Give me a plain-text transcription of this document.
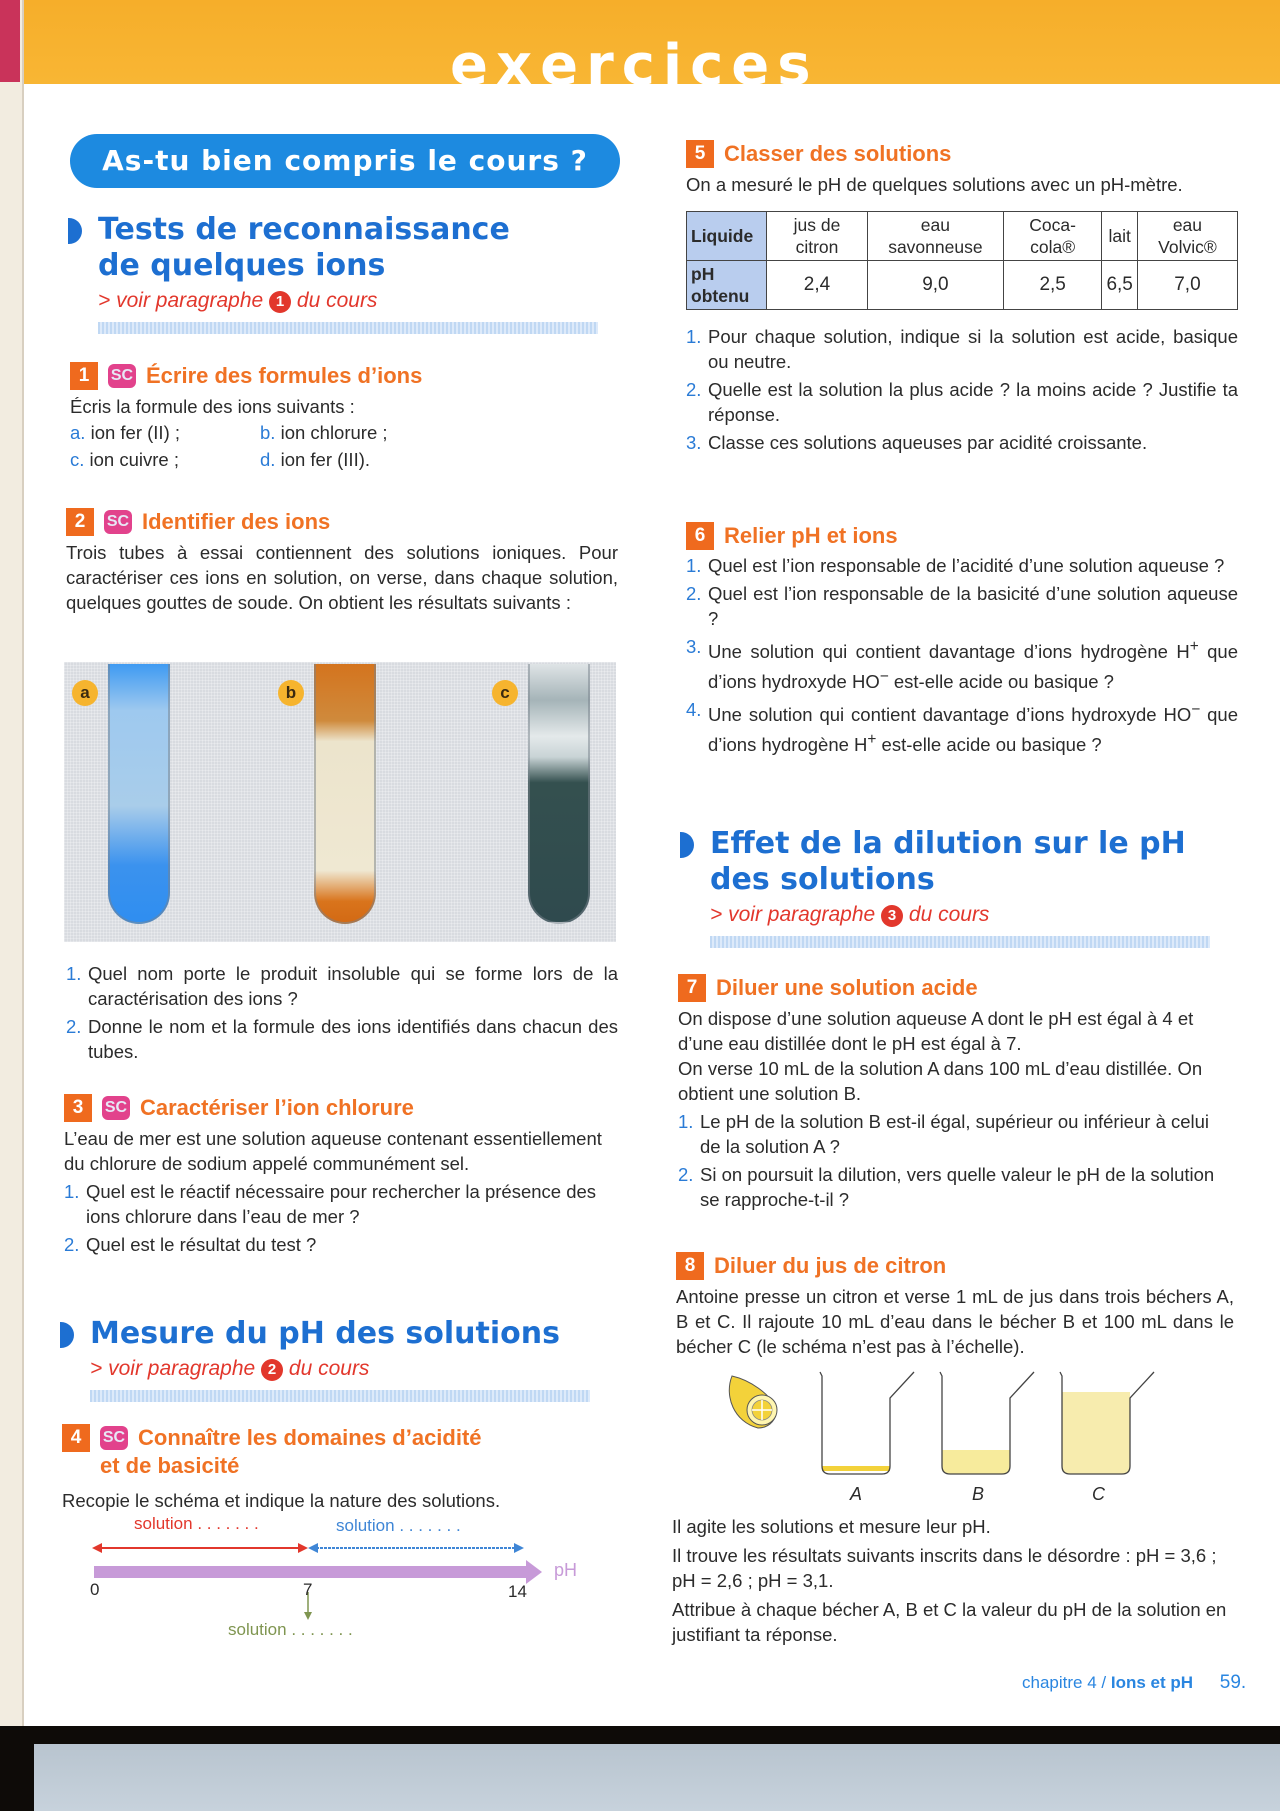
exercices
As-tu bien compris le cours ?
Tests de reconnaissance
de quelques ions
> voir paragraphe 1 du cours
1	SC Écrire des formules d’ions
Écris la formule des ions suivants :
a. ion fer (II) ;	b. ion chlorure ;
c. ion cuivre ;	d. ion fer (III).
2	SC Identifier des ions
Trois tubes à essai contiennent des solutions ioniques. Pour caractériser ces ions en solution, on verse, dans chaque solution, quelques gouttes de soude. On obtient les résultats suivants :
a	b	c
1. Quel nom porte le produit insoluble qui se forme lors de la caractérisation des ions ?
2. Donne le nom et la formule des ions identifiés dans chacun des tubes.
3	SC Caractériser l’ion chlorure
L’eau de mer est une solution aqueuse contenant essentiellement du chlorure de sodium appelé communément sel.
1. Quel est le réactif nécessaire pour rechercher la présence des ions chlorure dans l’eau de mer ?
2. Quel est le résultat du test ?
Mesure du pH des solutions
> voir paragraphe 2 du cours
4	SC Connaître les domaines d’acidité
et de basicité
Recopie le schéma et indique la nature des solutions.
solution . . . . . . .	solution . . . . . . .
0	7	14
pH
solution . . . . . . .
5 Classer des solutions
On a mesuré le pH de quelques solutions avec un pH-mètre.
Liquide	jus de citron	eau savonneuse	Coca-cola®	lait	eau Volvic®
pH obtenu	2,4	9,0	2,5	6,5	7,0
1. Pour chaque solution, indique si la solution est acide, basique ou neutre.
2. Quelle est la solution la plus acide ? la moins acide ? Justifie ta réponse.
3. Classe ces solutions aqueuses par acidité croissante.
6 Relier pH et ions
1. Quel est l’ion responsable de l’acidité d’une solution aqueuse ?
2. Quel est l’ion responsable de la basicité d’une solution aqueuse ?
3. Une solution qui contient davantage d’ions hydrogène H+ que d’ions hydroxyde HO− est-elle acide ou basique ?
4. Une solution qui contient davantage d’ions hydroxyde HO− que d’ions hydrogène H+ est-elle acide ou basique ?
Effet de la dilution sur le pH
des solutions
> voir paragraphe 3 du cours
7 Diluer une solution acide
On dispose d’une solution aqueuse A dont le pH est égal à 4 et d’une eau distillée dont le pH est égal à 7.
On verse 10 mL de la solution A dans 100 mL d’eau distillée. On obtient une solution B.
1. Le pH de la solution B est-il égal, supérieur ou inférieur à celui de la solution A ?
2. Si on poursuit la dilution, vers quelle valeur le pH de la solution se rapproche-t-il ?
8 Diluer du jus de citron
Antoine presse un citron et verse 1 mL de jus dans trois béchers A, B et C. Il rajoute 10 mL d’eau dans le bécher B et 100 mL dans le bécher C (le schéma n’est pas à l’échelle).
A	B	C
Il agite les solutions et mesure leur pH.
Il trouve les résultats suivants inscrits dans le désordre : pH = 3,6 ; pH = 2,6 ; pH = 3,1.
Attribue à chaque bécher A, B et C la valeur du pH de la solution en justifiant ta réponse.
chapitre 4 / Ions et pH 59.
